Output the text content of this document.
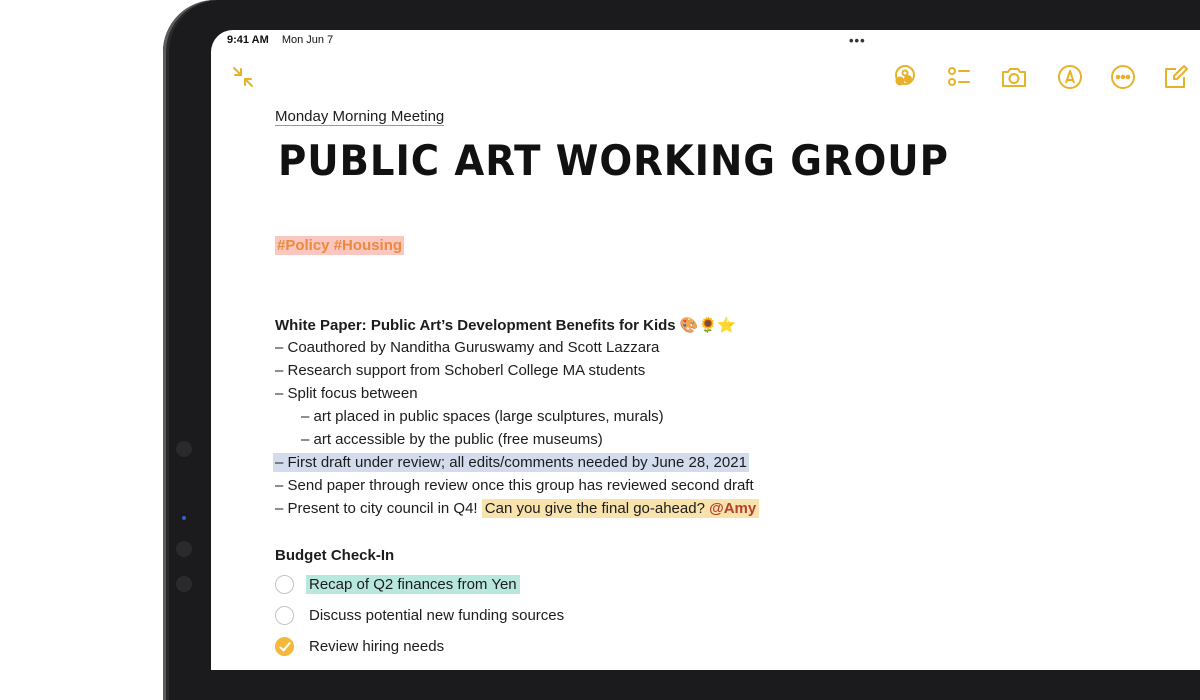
9:41 AM Mon Jun 7	•••
Monday Morning Meeting
PUBLIC ART WORKING GROUP
#Policy #Housing
White Paper: Public Art’s Development Benefits for Kids 🎨🌻⭐
– Coauthored by Nanditha Guruswamy and Scott Lazzara
– Research support from Schoberl College MA students
– Split focus between
– art placed in public spaces (large sculptures, murals)
– art accessible by the public (free museums)
– First draft under review; all edits/comments needed by June 28, 2021
– Send paper through review once this group has reviewed second draft
– Present to city council in Q4! Can you give the final go-ahead? @Amy
Budget Check-In
Recap of Q2 finances from Yen
Discuss potential new funding sources
Review hiring needs
